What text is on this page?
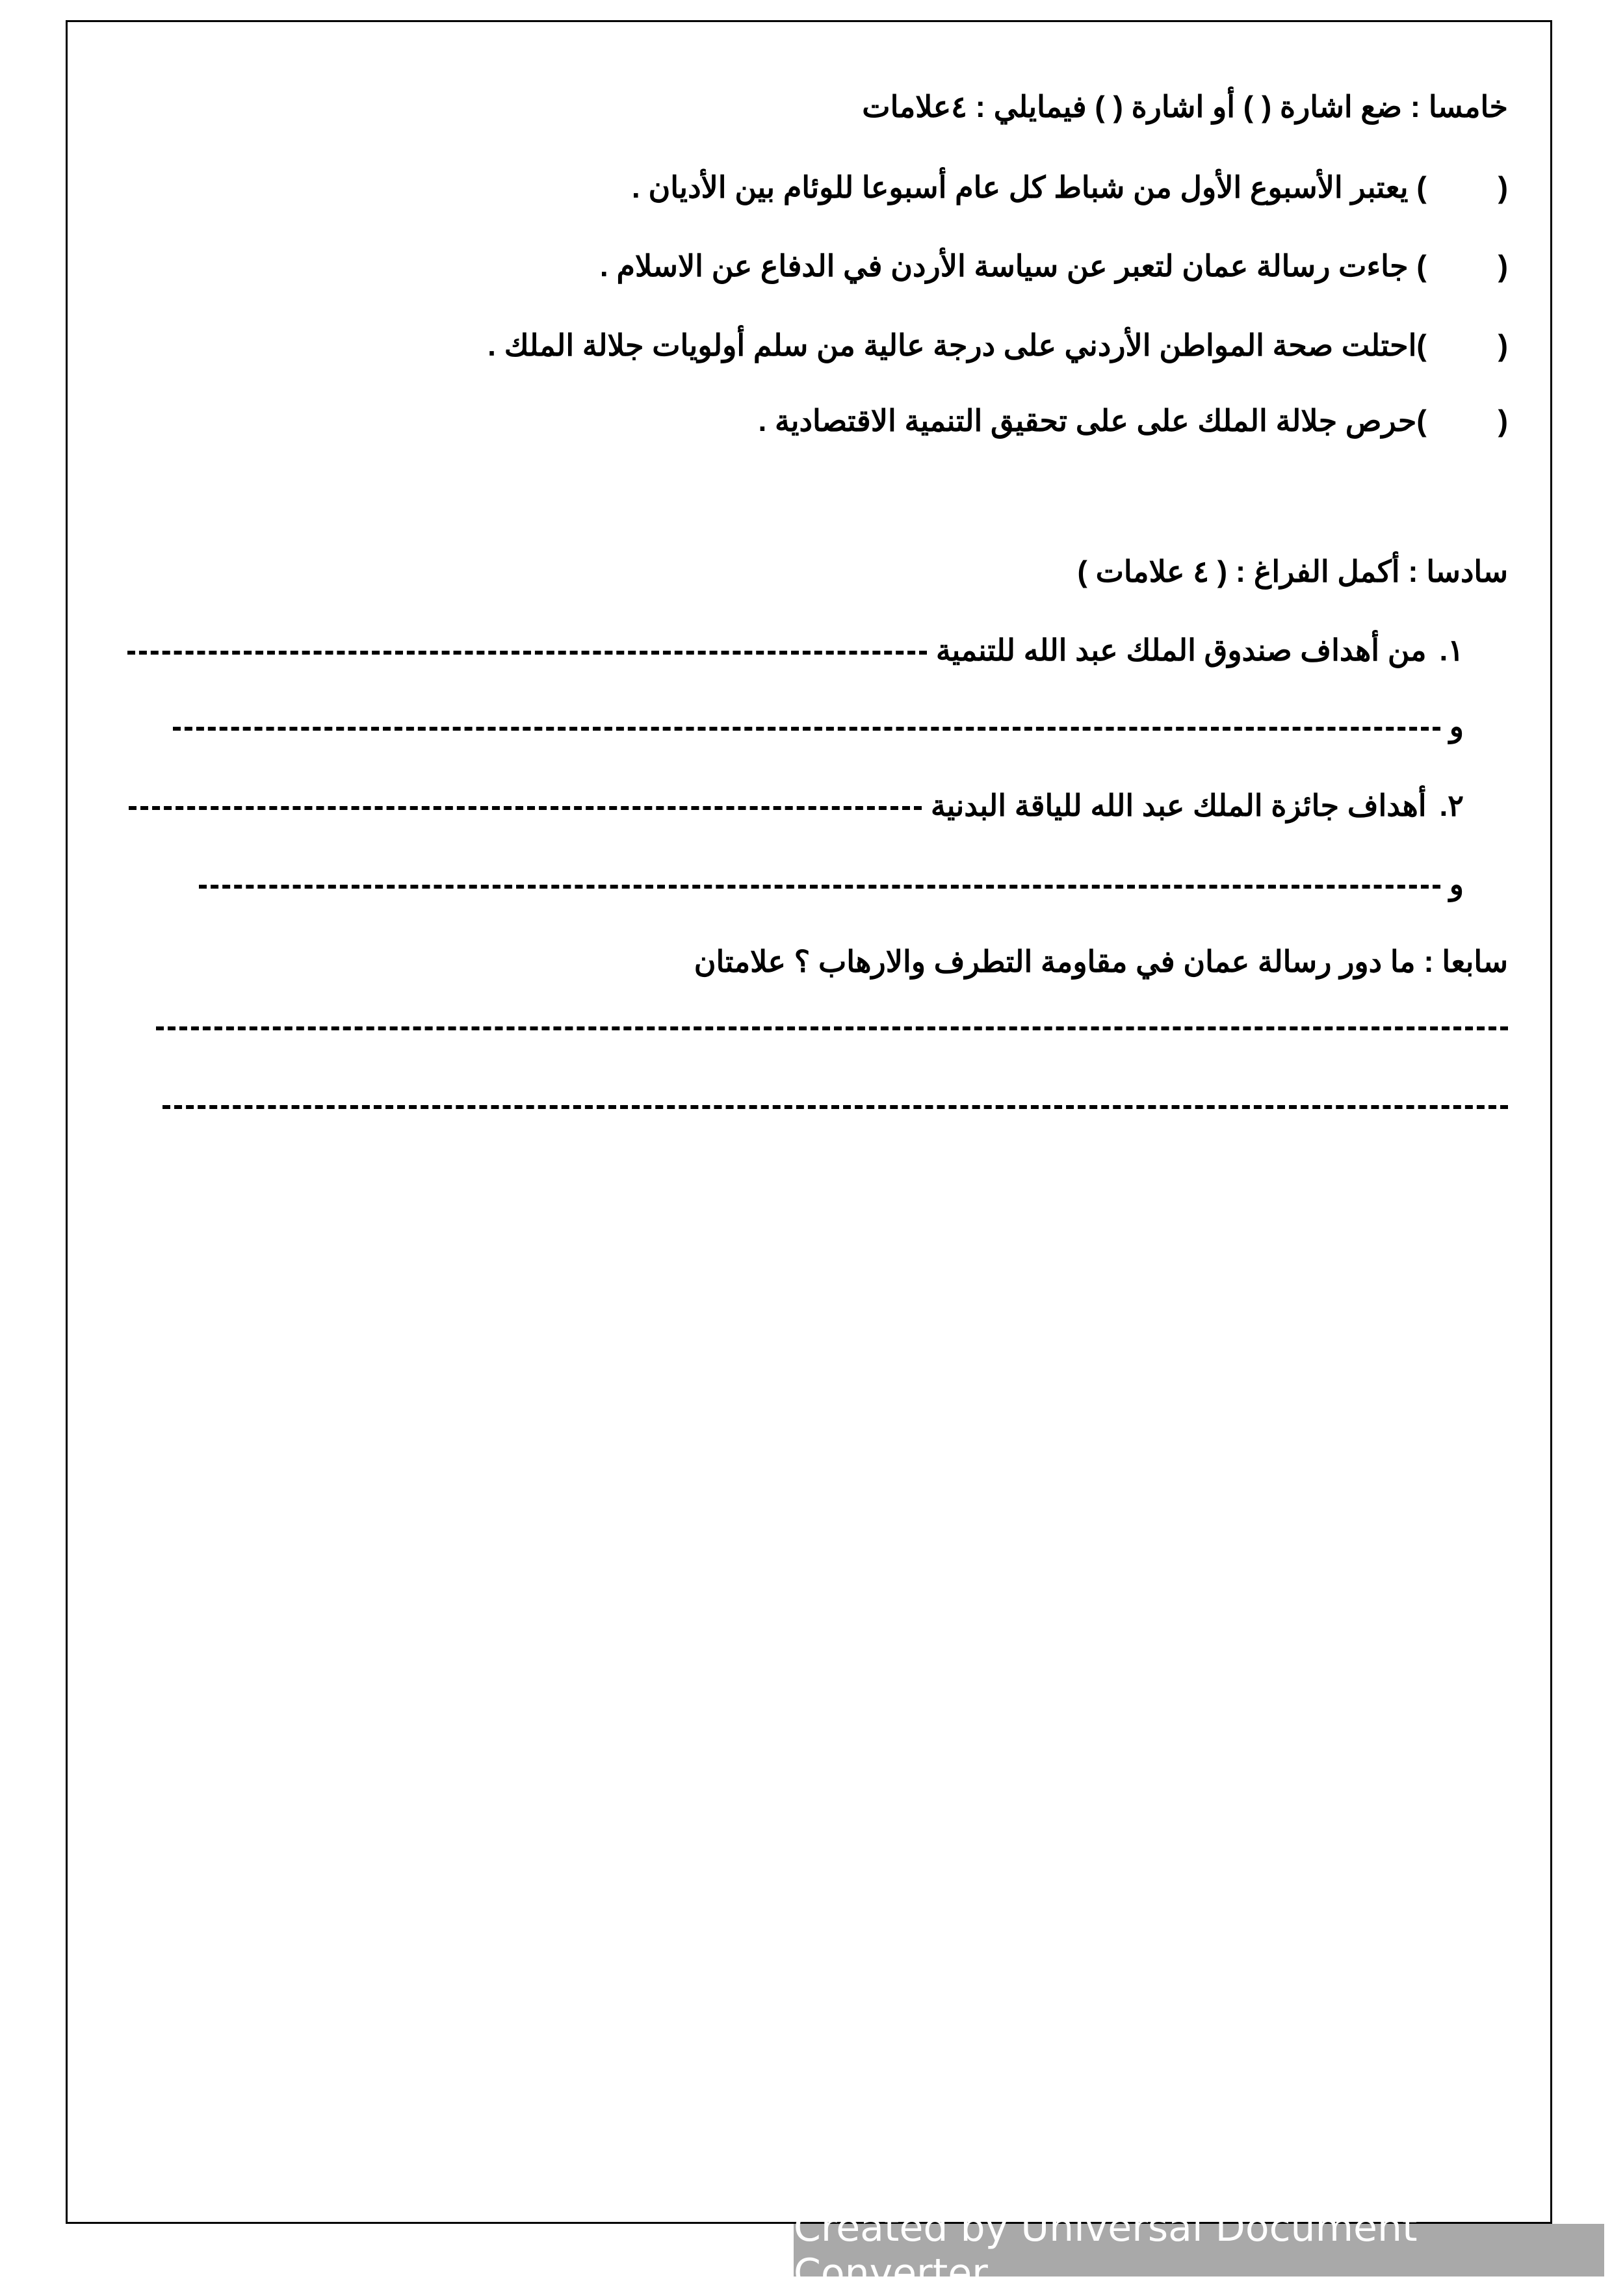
خامسا : ضع اشارة ( ) أو اشارة ( ) فيمايلي : ٤علامات
(
) يعتبر الأسبوع الأول من شباط كل عام أسبوعا للوئام بين الأديان .
(
) جاءت رسالة عمان لتعبر عن سياسة الأردن في الدفاع عن الاسلام .
(
)احتلت صحة المواطن الأردني على درجة عالية من سلم أولويات جلالة الملك .
(
)حرص جلالة الملك على على تحقيق التنمية الاقتصادية .
سادسا : أكمل الفراغ : ( ٤ علامات )
١.
من أهداف صندوق الملك عبد الله للتنمية
و
٢.
أهداف جائزة الملك عبد الله للياقة البدنية
و
سابعا : ما دور رسالة عمان في مقاومة التطرف والارهاب ؟ علامتان
Created by Universal Document Converter
